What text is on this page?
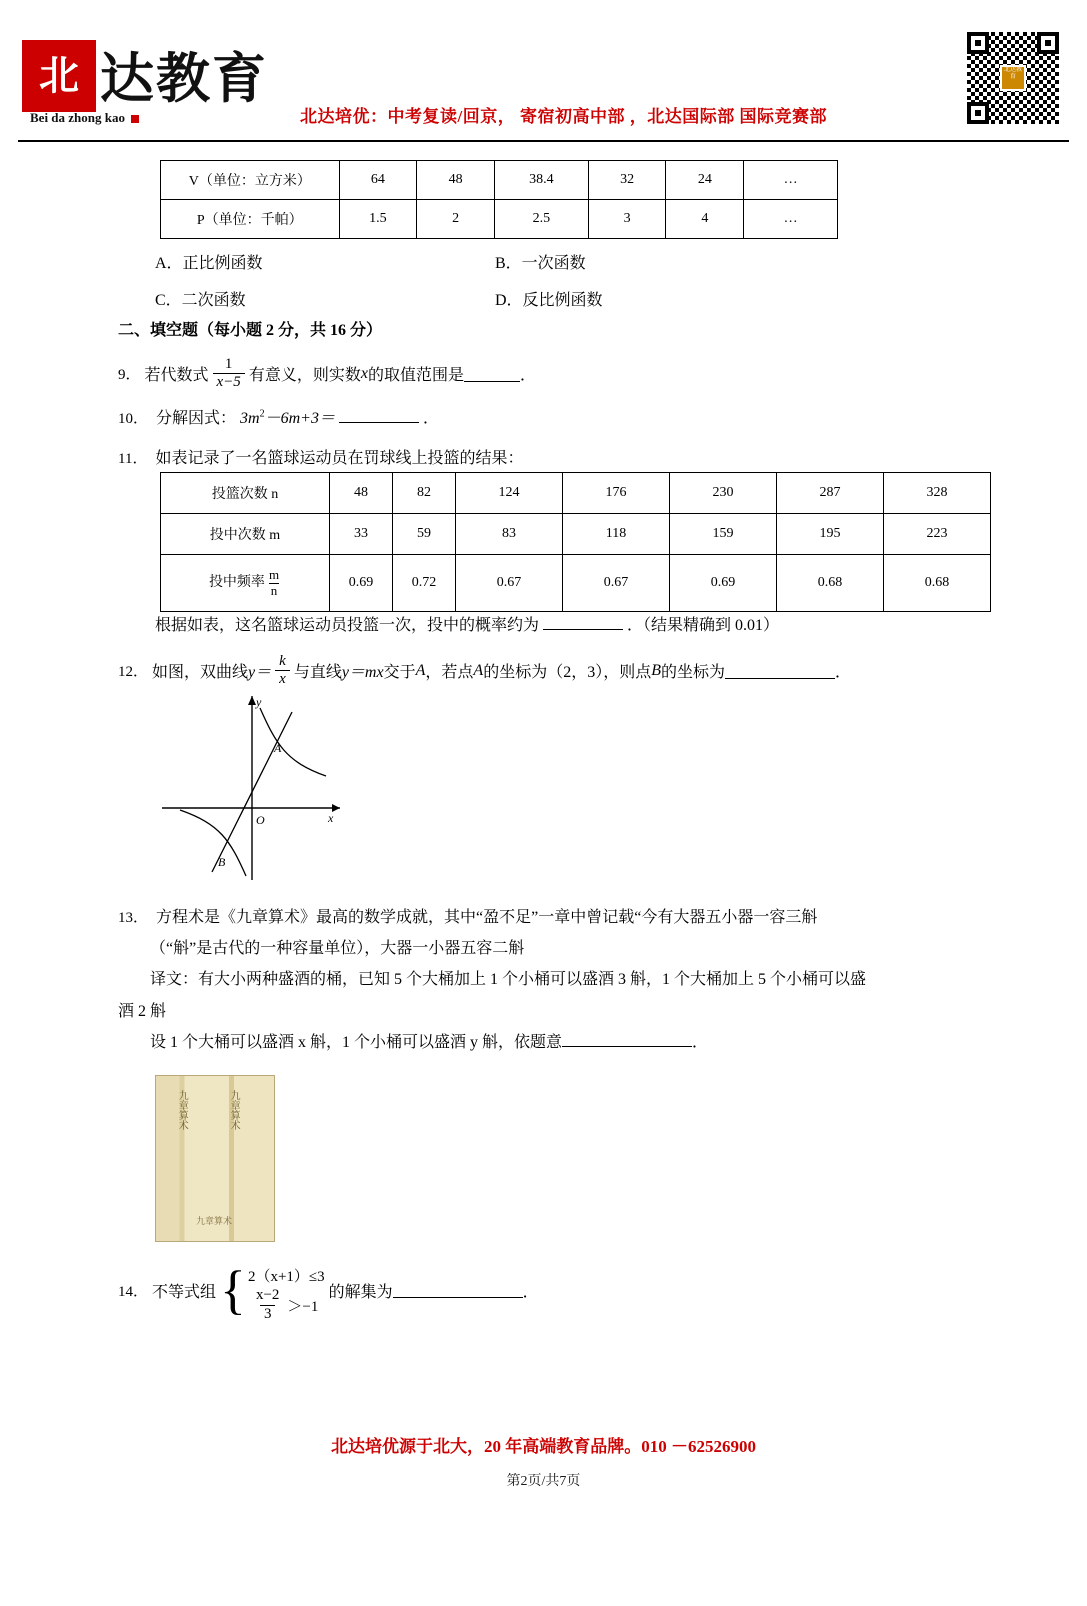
北 达教育
Bei da zhong kao	北达培优：中考复读/回京， 寄宿初高中部 ，北达国际部 国际竞赛部
北达教育
V（单位：立方米）	64	48	38.4	32	24	…
P（单位：千帕）	1.5	2	2.5	3	4	…
A．正比例函数	B．一次函数
C．二次函数	D．反比例函数
二、填空题（每小题 2 分，共 16 分）
9． 若代数式 $\frac{1}{x-5}$ 有意义，则实数 x 的取值范围是	．
10． 分解因式： $3m^2-6m+3=$	．
11． 如表记录了一名篮球运动员在罚球线上投篮的结果：
投篮次数 n	48	82	124	176	230	287	328
投中次数 m	33	59	83	118	159	195	223
投中频率 $\frac{m}{n}$	0.69	0.72	0.67	0.67	0.69	0.68	0.68
根据如表，这名篮球运动员投篮一次，投中的概率约为	．（结果精确到 0.01）
12． 如图，双曲线 $y= \frac{k}{x}$ 与直线 y＝mx 交于 A ，若点 A 的坐标为（2，3），则点 B 的坐标为	．
y
x
O
A
B
13． 方程术是《九章算术》最高的数学成就，其中“盈不足”一章中曾记载“今有大器五小器一容三斛
（“斛”是古代的一种容量单位），大器一小器五容二斛
译文：有大小两种盛酒的桶，已知 5 个大桶加上 1 个小桶可以盛酒 3 斛，1 个大桶加上 5 个小桶可以盛
酒 2 斛
设 1 个大桶可以盛酒 x 斛，1 个小桶可以盛酒 y 斛，依题意	．
九章算术	九章算术
九章算术
14． 不等式组 { 2（x+1）≤3
$\frac{x-2}{3} >-1$
的解集为	．
北达培优源于北大，20 年高端教育品牌。010 －62526900
第2页/共7页
